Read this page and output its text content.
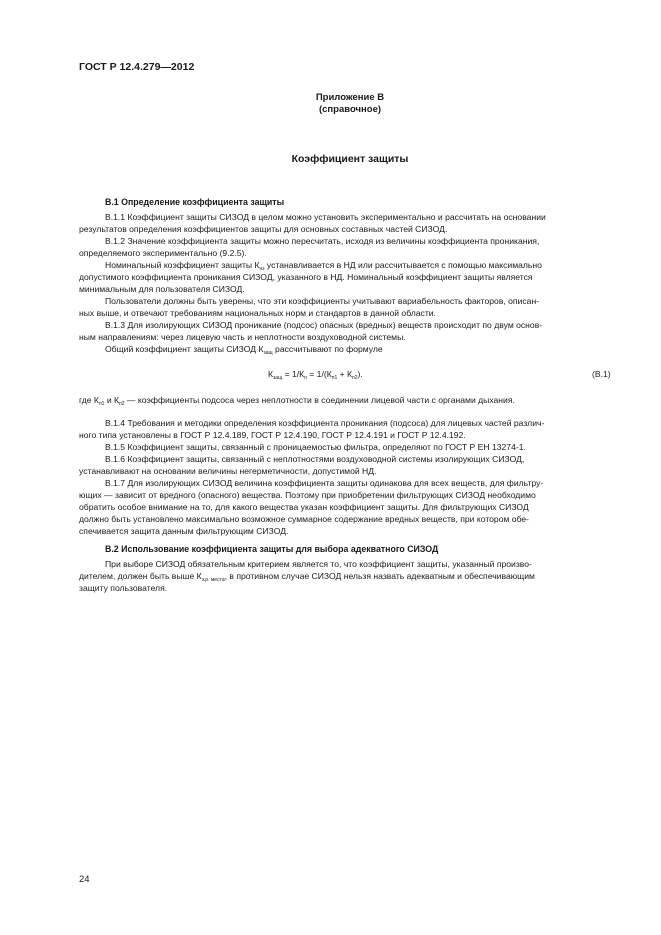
ГОСТ Р 12.4.279—2012

Приложение В

(справочное)

Коэффициент защиты

В.1 Определение коэффициента защиты
В.1.1 Коэффициент защиты СИЗОД в целом можно установить экспериментально и рассчитать на основании
результатов определения коэффициентов защиты для основных составных частей СИЗОД.
В.1.2 Значение коэффициента защиты можно пересчитать, исходя из величины коэффициента проникания,
определяемого экспериментально (9.2.5).
Номинальный коэффициент защиты $К_{нз}$ устанавливается в НД или рассчитывается с помощью максимально
допустимого коэффициента проникания СИЗОД, указанного в НД. Номинальный коэффициент защиты является
минимальным для пользователя СИЗОД.
Пользователи должны быть уверены, что эти коэффициенты учитывают вариабельность факторов, описан-
ных выше, и отвечают требованиям национальных норм и стандартов в данной области.
В.1.3 Для изолирующих СИЗОД проникание (подсос) опасных (вредных) веществ происходит по двум основ-
ным направлениям: через лицевую часть и неплотности воздуховодной системы.
Общий коэффициент защиты СИЗОД $К_{защ}$ рассчитывают по формуле
$К_{защ} = 1/К_п = 1/(К_{п1} + К_{п2})$.	(В.1)
где $К_{п1}$ и $К_{п2}$ — коэффициенты подсоса через неплотности в соединении лицевой части с органами дыхания.
В.1.4 Требования и методики определения коэффициента проникания (подсоса) для лицевых частей различ-
ного типа установлены в ГОСТ Р 12.4.189, ГОСТ Р 12.4.190, ГОСТ Р 12.4.191 и ГОСТ Р 12.4.192.
В.1.5 Коэффициент защиты, связанный с проницаемостью фильтра, определяют по ГОСТ Р ЕН 13274-1.
В.1.6 Коэффициент защиты, связанный с неплотностями воздуховодной системы изолирующих СИЗОД,
устанавливают на основании величины негерметичности, допустимой НД.
В.1.7 Для изолирующих СИЗОД величина коэффициента защиты одинакова для всех веществ, для фильтру-
ющих — зависит от вредного (опасного) вещества. Поэтому при приобретении фильтрующих СИЗОД необходимо
обратить особое внимание на то, для какого вещества указан коэффициент защиты. Для фильтрующих СИЗОД
должно быть установлено максимально возможное суммарное содержание вредных веществ, при котором обе-
спечивается защита данным фильтрующим СИЗОД.
В.2 Использование коэффициента защиты для выбора адекватного СИЗОД
При выборе СИЗОД обязательным критерием является то, что коэффициент защиты, указанный произво-
дителем, должен быть выше $К_{з.р. места}$, в противном случае СИЗОД нельзя назвать адекватным и обеспечивающим
защиту пользователя.

24
